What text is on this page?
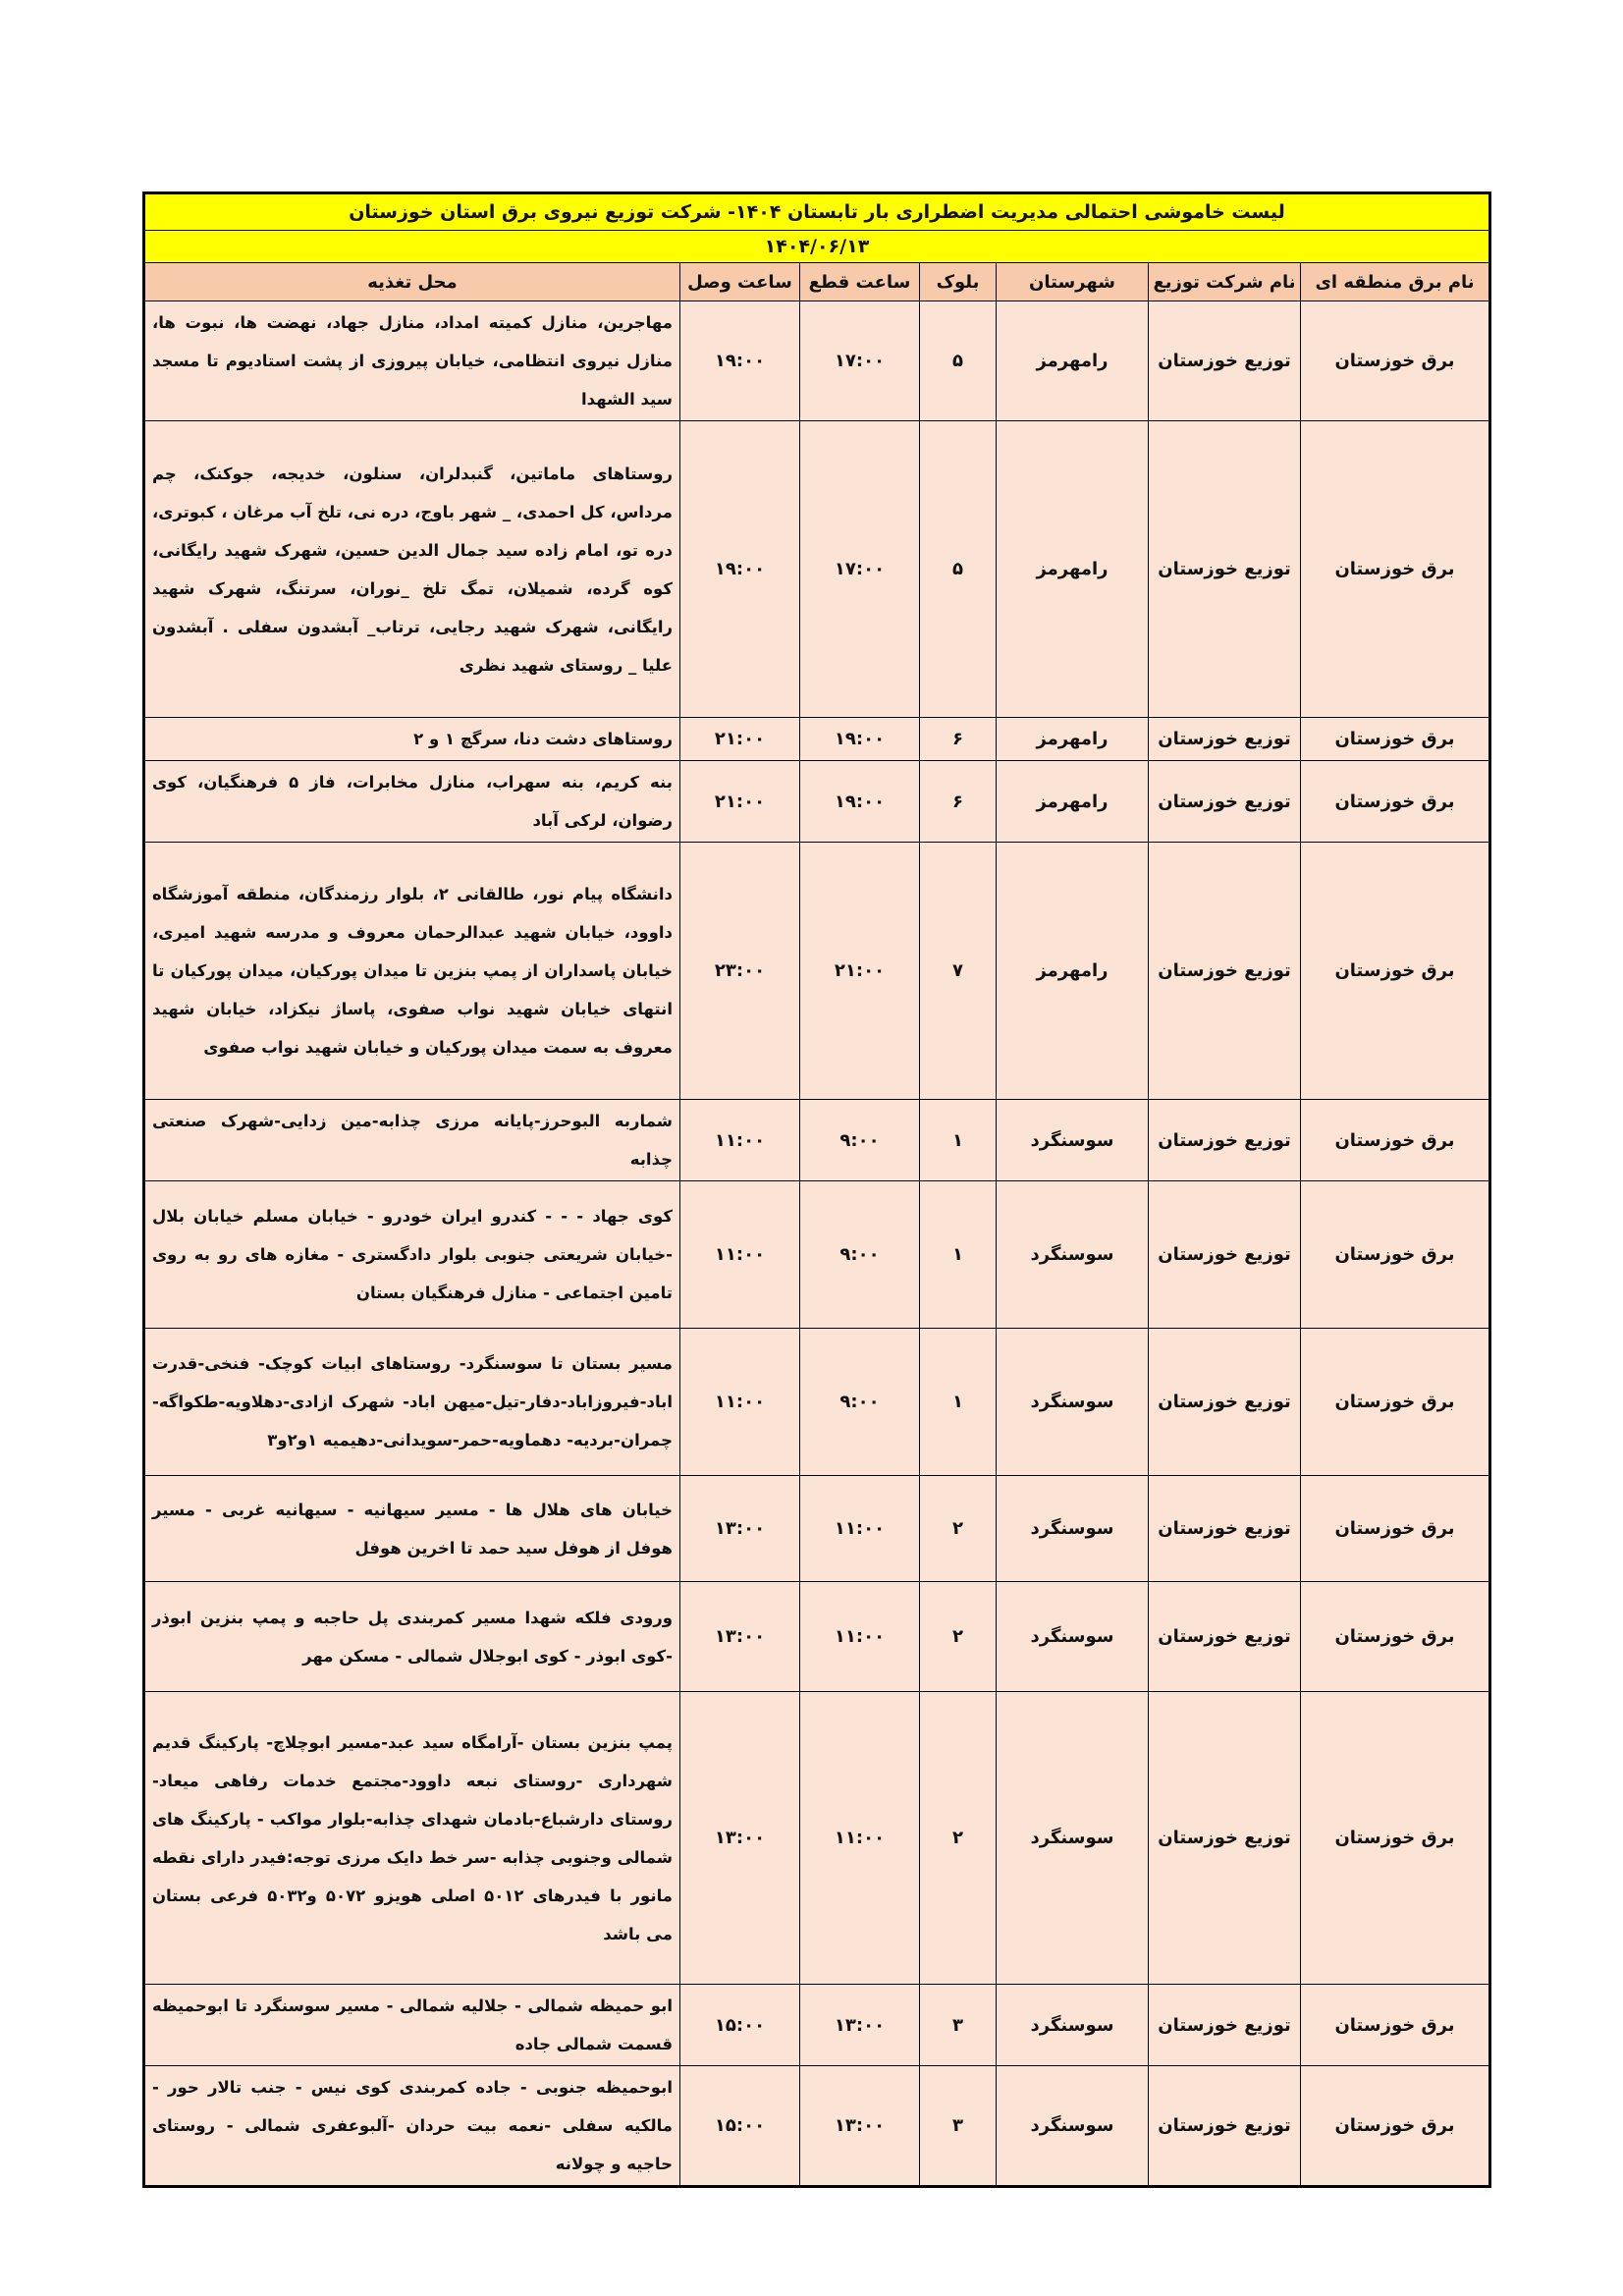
لیست خاموشی احتمالی مدیریت اضطراری بار تابستان ۱۴۰۴- شرکت توزیع نیروی برق استان خوزستان						
۱۴۰۴/۰۶/۱۳						
نام برق منطقه ای	نام شرکت توزیع	شهرستان	بلوک	ساعت قطع	ساعت وصل	محل تغذیه
برق خوزستان	توزیع خوزستان	رامهرمز	۵	۱۷:۰۰	۱۹:۰۰	مهاجرین، منازل کمیته امداد، منازل جهاد، نهضت ها، نبوت ها، منازل نیروی انتظامی، خیابان پیروزی از پشت استادیوم تا مسجد سید الشهدا
برق خوزستان	توزیع خوزستان	رامهرمز	۵	۱۷:۰۰	۱۹:۰۰	روستاهای ماماتین، گنبدلران، سنلون، خدیجه، جوکنک، چم مرداس، کل احمدی، _ شهر باوج، دره نی، تلخ آب مرغان ، کبوتری، دره تو، امام زاده سید جمال الدین حسین، شهرک شهید رایگانی، کوه گرده، شمیلان، تمگ تلخ _نوران، سرتنگ، شهرک شهید رایگانی، شهرک شهید رجایی، ترتاب_ آبشدون سفلی . آبشدون علیا _ روستای شهید نظری
برق خوزستان	توزیع خوزستان	رامهرمز	۶	۱۹:۰۰	۲۱:۰۰	روستاهای دشت دنا، سرگچ ۱ و ۲
برق خوزستان	توزیع خوزستان	رامهرمز	۶	۱۹:۰۰	۲۱:۰۰	بنه کریم، بنه سهراب، منازل مخابرات، فاز ۵ فرهنگیان، کوی رضوان، لرکی آباد
برق خوزستان	توزیع خوزستان	رامهرمز	۷	۲۱:۰۰	۲۳:۰۰	دانشگاه پیام نور، طالقانی ۲، بلوار رزمندگان، منطقه آموزشگاه داوود، خیابان شهید عبدالرحمان معروف و مدرسه شهید امیری، خیابان پاسداران از پمپ بنزین تا میدان پورکیان، میدان پورکیان تا انتهای خیابان شهید نواب صفوی، پاساژ نیکزاد، خیابان شهید معروف به سمت میدان پورکیان و خیابان شهید نواب صفوی
برق خوزستان	توزیع خوزستان	سوسنگرد	۱	۹:۰۰	۱۱:۰۰	شماربه البوحرز-پایانه مرزی چذابه-مین زدایی-شهرک صنعتی چذابه
برق خوزستان	توزیع خوزستان	سوسنگرد	۱	۹:۰۰	۱۱:۰۰	کوی جهاد - - - کندرو ایران خودرو - خیابان مسلم خیابان بلال -خیابان شریعتی جنوبی بلوار دادگستری - مغازه های رو به روی تامین اجتماعی - منازل فرهنگیان بستان
برق خوزستان	توزیع خوزستان	سوسنگرد	۱	۹:۰۰	۱۱:۰۰	مسیر بستان تا سوسنگرد- روستاهای ابیات کوچک- فنخی-قدرت اباد-فیروزاباد-دفار-تیل-میهن اباد- شهرک ازادی-دهلاویه-طکواگه-چمران-بردیه- دهماویه-حمر-سویدانی-دهیمیه ۱و۲و۳
برق خوزستان	توزیع خوزستان	سوسنگرد	۲	۱۱:۰۰	۱۳:۰۰	خیابان های هلال ها - مسیر سیهانیه - سیهانیه غربی - مسیر هوفل از هوفل سید حمد تا اخرین هوفل
برق خوزستان	توزیع خوزستان	سوسنگرد	۲	۱۱:۰۰	۱۳:۰۰	ورودی فلکه شهدا مسیر کمربندی پل حاجبه و پمپ بنزین ابوذر -کوی ابوذر - کوی ابوجلال شمالی - مسکن مهر
برق خوزستان	توزیع خوزستان	سوسنگرد	۲	۱۱:۰۰	۱۳:۰۰	پمپ بنزین بستان -آرامگاه سید عبد-مسیر ابوچلاچ- پارکینگ قدیم شهرداری -روستای نبعه داوود-مجتمع خدمات رفاهی میعاد-روستای دارشباع-بادمان شهدای چذابه-بلوار مواکب - پارکینگ های شمالی وجنوبی چذابه -سر خط دایک مرزی توجه:فیدر دارای نقطه مانور با فیدرهای ۵۰۱۲ اصلی هویزو ۵۰۷۲ و۵۰۳۲ فرعی بستان می باشد
برق خوزستان	توزیع خوزستان	سوسنگرد	۳	۱۳:۰۰	۱۵:۰۰	ابو حمیظه شمالی - جلالیه شمالی - مسیر سوسنگرد تا ابوحمیظه قسمت شمالی جاده
برق خوزستان	توزیع خوزستان	سوسنگرد	۳	۱۳:۰۰	۱۵:۰۰	ابوحمیظه جنوبی - جاده کمربندی کوی نیس - جنب تالار حور - مالکیه سفلی -نعمه بیت حردان -آلبوعفری شمالی - روستای حاجیه و چولانه
